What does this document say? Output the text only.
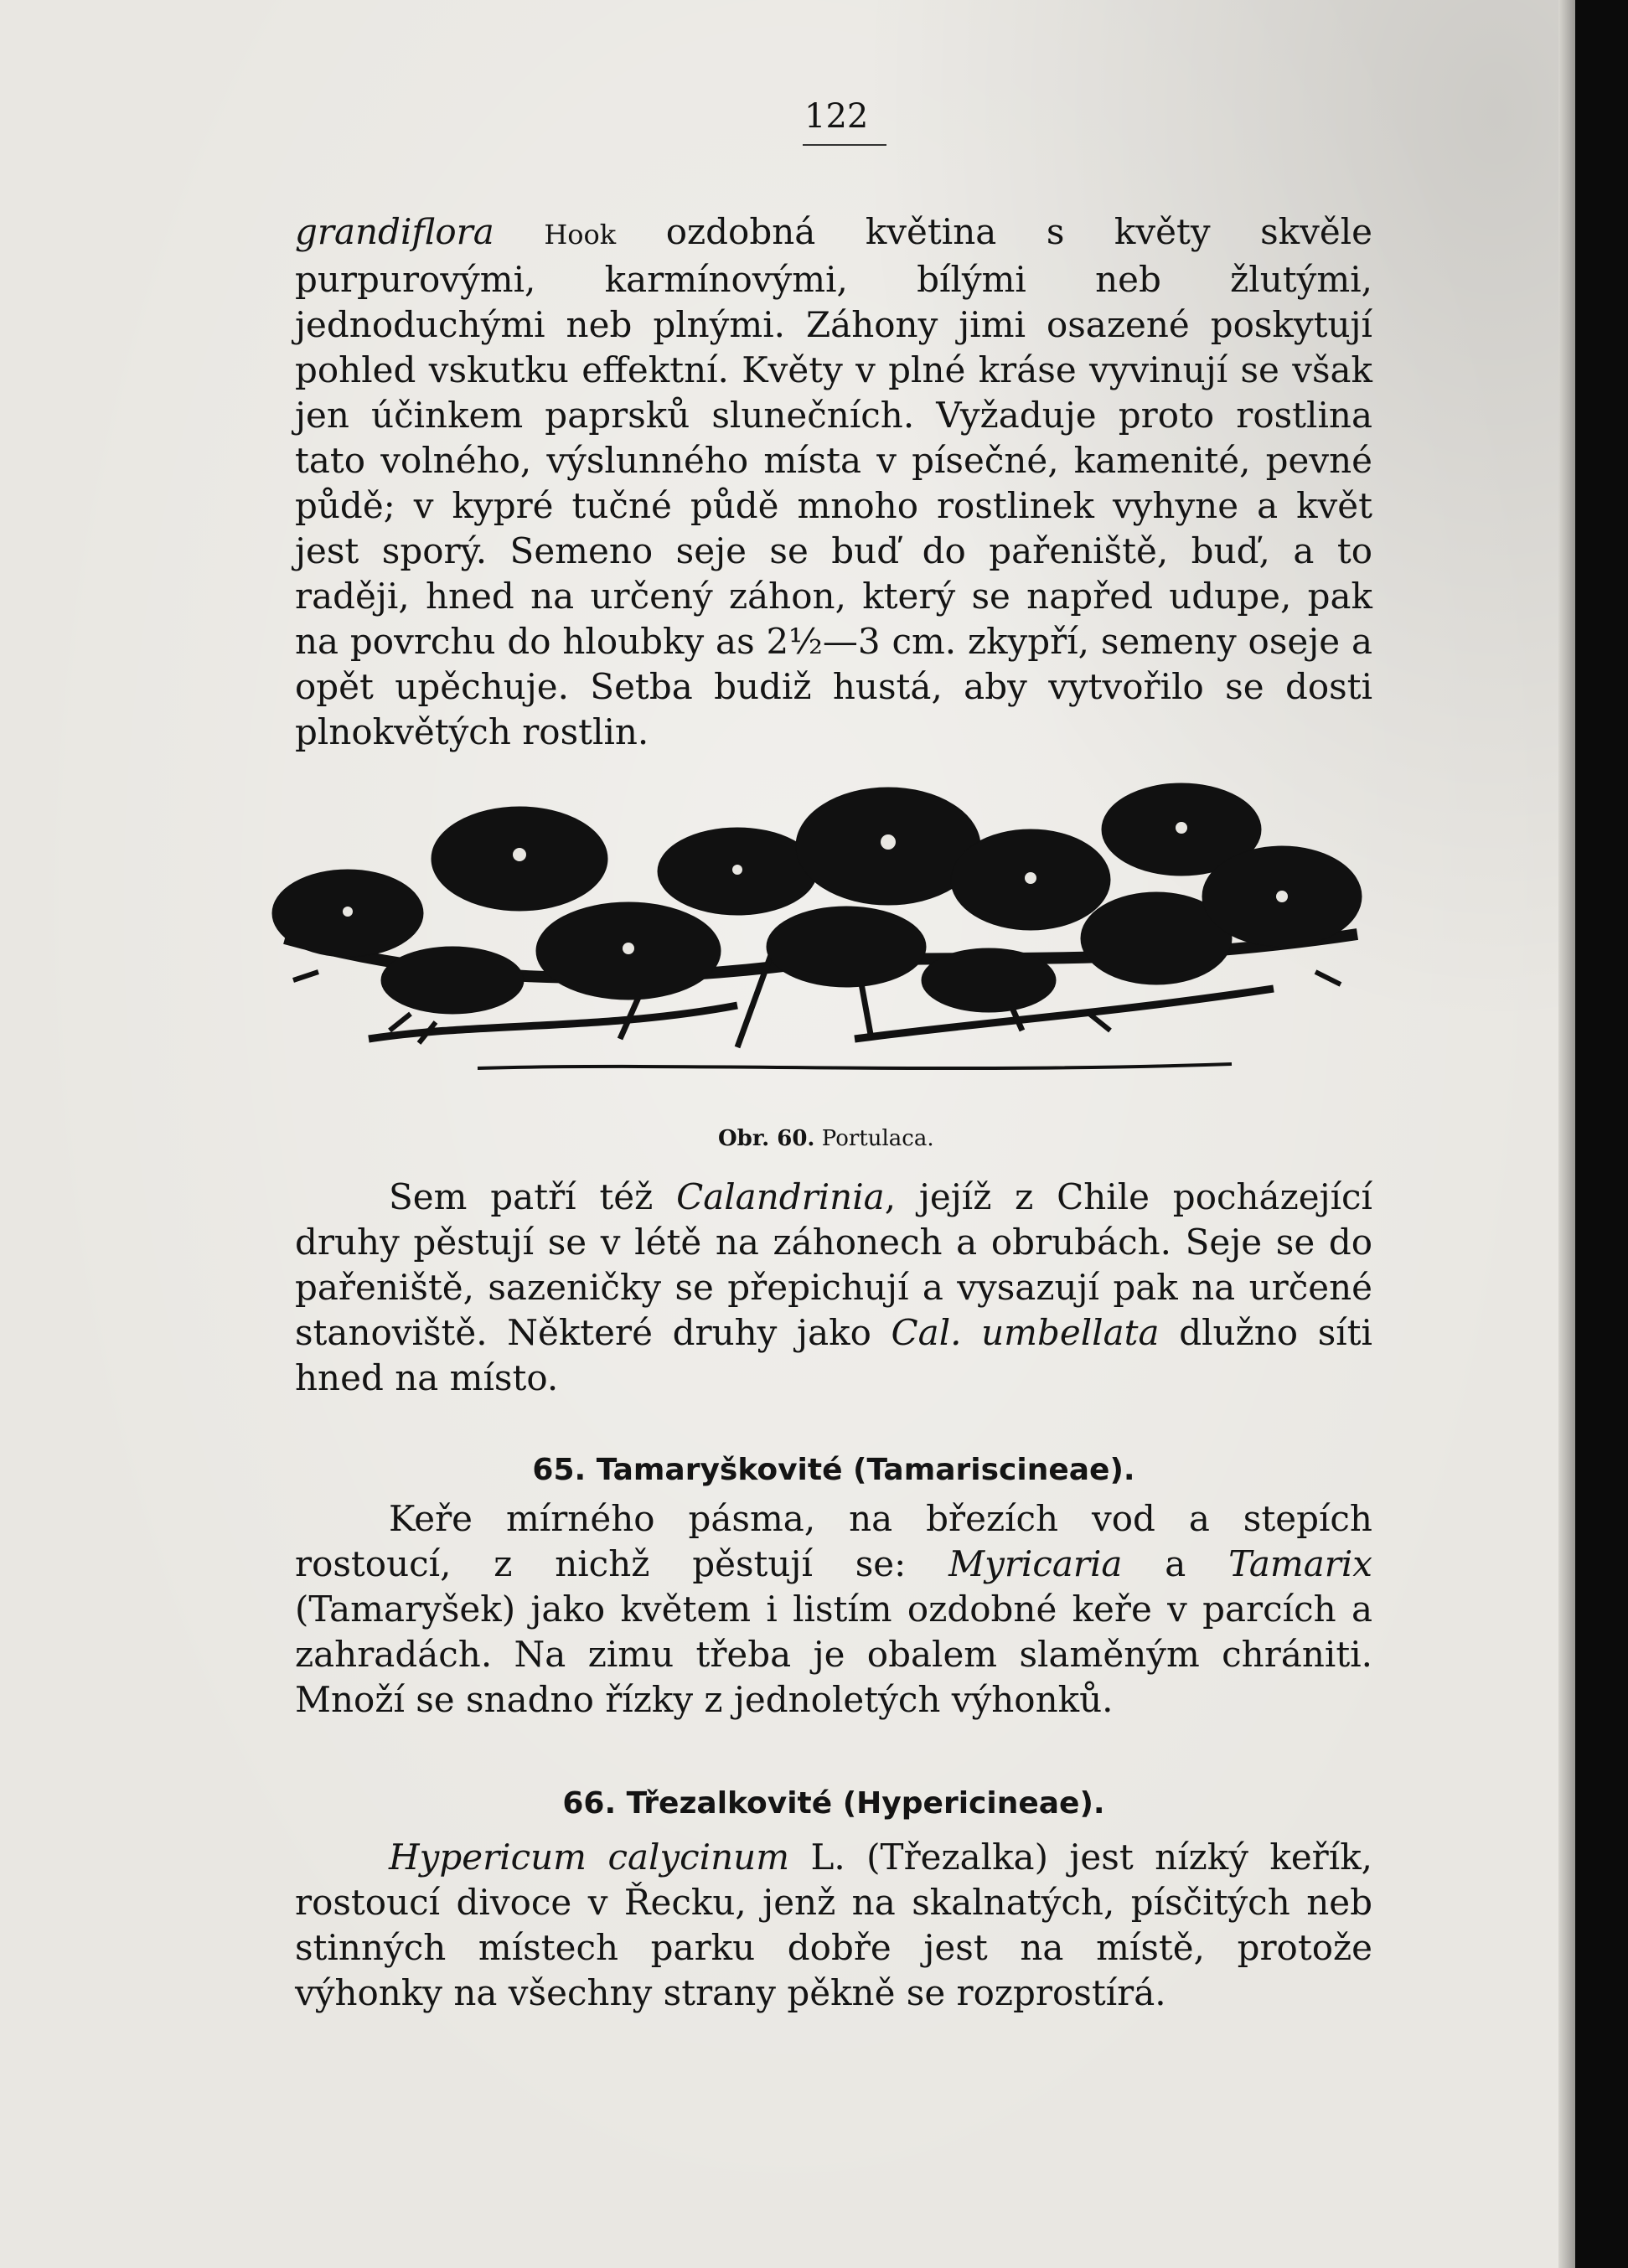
122

grandiflora Hook ozdobná květina s květy skvěle purpurovými, karmínovými, bílými neb žlutými, jednoduchými neb plnými. Záhony jimi osazené poskytují pohled vskutku effektní. Květy v plné kráse vyvinují se však jen účinkem paprsků slunečních. Vyžaduje proto rostlina tato volného, výslunného místa v písečné, kamenité, pevné půdě; v kypré tučné půdě mnoho rostlinek vyhyne a květ jest sporý. Semeno seje se buď do pařeniště, buď, a to raději, hned na určený záhon, který se napřed udupe, pak na povrchu do hloubky as 2½—3 cm. zkypří, semeny oseje a opět upěchuje. Setba budiž hustá, aby vytvořilo se dosti plnokvětých rostlin.

Obr. 60. Portulaca.

Sem patří též Calandrinia, jejíž z Chile pocházející druhy pěstují se v létě na záhonech a obrubách. Seje se do pařeniště, sazeničky se přepichují a vysazují pak na určené stanoviště. Některé druhy jako Cal. umbellata dlužno síti hned na místo.

65. Tamaryškovité (Tamariscineae).

Keře mírného pásma, na březích vod a stepích rostoucí, z nichž pěstují se: Myricaria a Tamarix (Tamaryšek) jako květem i listím ozdobné keře v parcích a zahradách. Na zimu třeba je obalem slaměným chrániti. Množí se snadno řízky z jednoletých výhonků.

66. Třezalkovité (Hypericineae).

Hypericum calycinum L. (Třezalka) jest nízký keřík, rostoucí divoce v Řecku, jenž na skalnatých, písčitých neb stinných místech parku dobře jest na místě, protože výhonky na všechny strany pěkně se rozprostírá.
